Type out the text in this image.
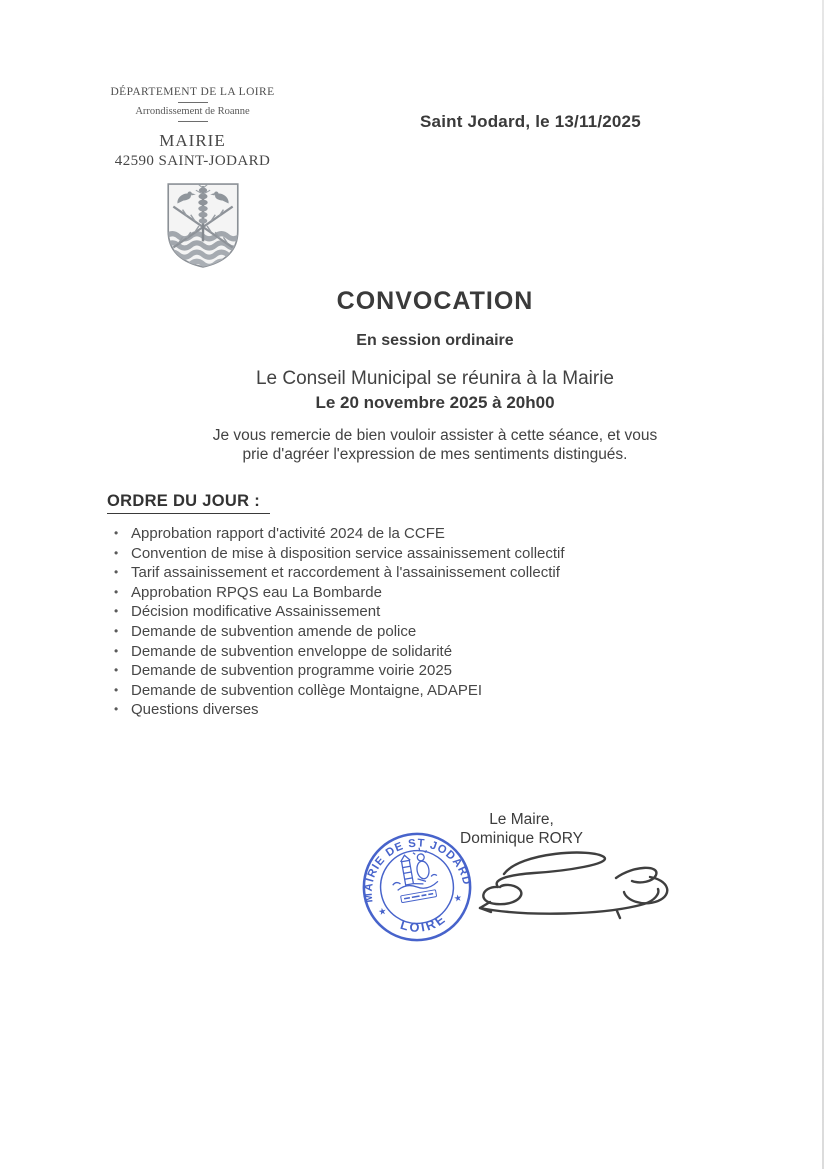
DÉPARTEMENT DE LA LOIRE
Arrondissement de Roanne
MAIRIE
42590 SAINT-JODARD
Saint Jodard, le 13/11/2025
CONVOCATION
En session ordinaire
Le Conseil Municipal se réunira à la Mairie
Le 20 novembre 2025 à 20h00
Je vous remercie de bien vouloir assister à cette séance, et vous
prie d'agréer l'expression de mes sentiments distingués.
ORDRE DU JOUR :
• Approbation rapport d'activité 2024 de la CCFE
• Convention de mise à disposition service assainissement collectif
• Tarif assainissement et raccordement à l'assainissement collectif
• Approbation RPQS eau La Bombarde
• Décision modificative Assainissement
• Demande de subvention amende de police
• Demande de subvention enveloppe de solidarité
• Demande de subvention programme voirie 2025
• Demande de subvention collège Montaigne, ADAPEI
• Questions diverses
Le Maire,
Dominique RORY
MAIRIE DE ST JODARD
LOIRE
★
★
